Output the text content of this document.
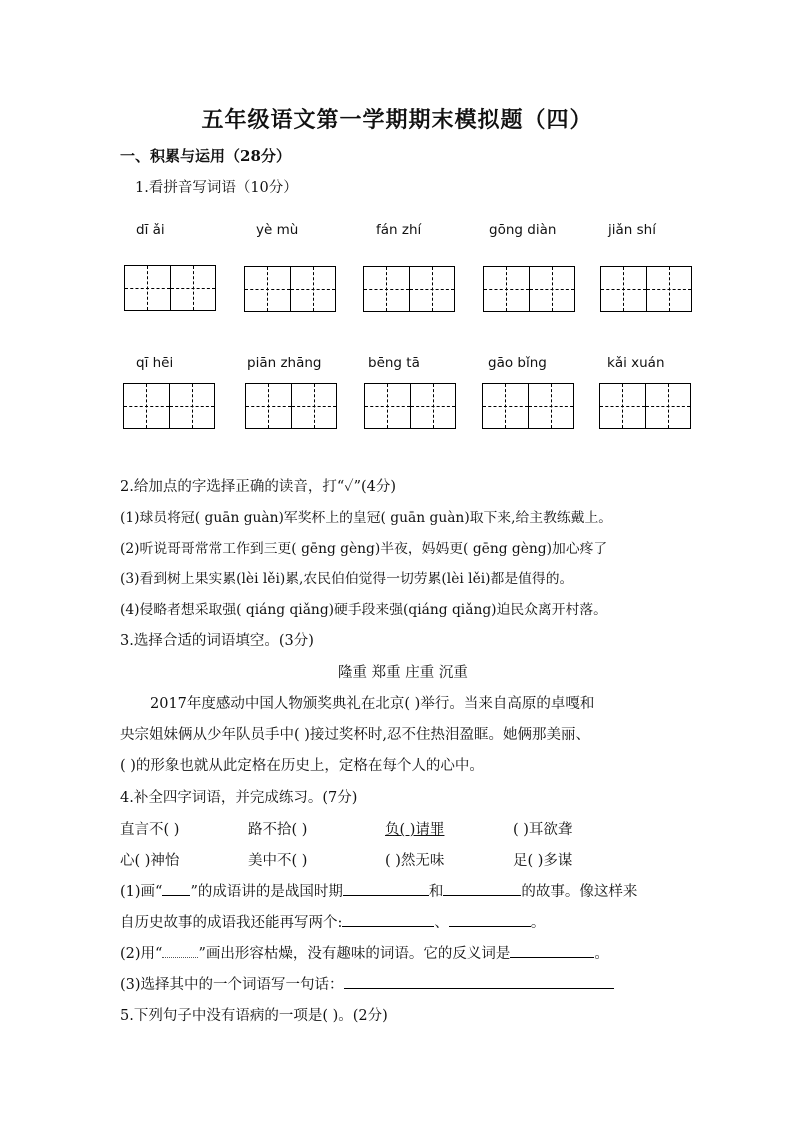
五年级语文第一学期期末模拟题（四）
一、积累与运用（28分）
1.看拼音写词语（10分）
dī ǎi	yè mù	fán zhí	gōng diàn	jiǎn shí
qī hēi	piān zhāng	bēng tā	gāo bǐng	kǎi xuán
2.给加点的字选择正确的读音，打“✓”(4分)
(1)球员将冠( guān guàn)军奖杯上的皇冠( guān guàn)取下来,给主教练戴上。
(2)听说哥哥常常工作到三更( gēng gèng)半夜，妈妈更( gēng gèng)加心疼了
(3)看到树上果实累(lèi lěi)累,农民伯伯觉得一切劳累(lèi lěi)都是值得的。
(4)侵略者想采取强( qiáng qiǎng)硬手段来强(qiáng qiǎng)迫民众离开村落。
3.选择合适的词语填空。(3分)
隆重 郑重 庄重 沉重
2017年度感动中国人物颁奖典礼在北京( )举行。当来自高原的卓嘎和
央宗姐妹俩从少年队员手中( )接过奖杯时,忍不住热泪盈眶。她俩那美丽、
( )的形象也就从此定格在历史上，定格在每个人的心中。
4.补全四字词语，并完成练习。(7分)
直言不( )	路不拾( )	负( )请罪	( )耳欲聋
心( )神怡	美中不( )	( )然无味	足( )多谋
(1)画“ ”的成语讲的是战国时期	和	的故事。像这样来
自历史故事的成语我还能再写两个:	、	。
(2)用“ ”画出形容枯燥，没有趣味的词语。它的反义词是	。
(3)选择其中的一个词语写一句话：
5.下列句子中没有语病的一项是( )。(2分)
